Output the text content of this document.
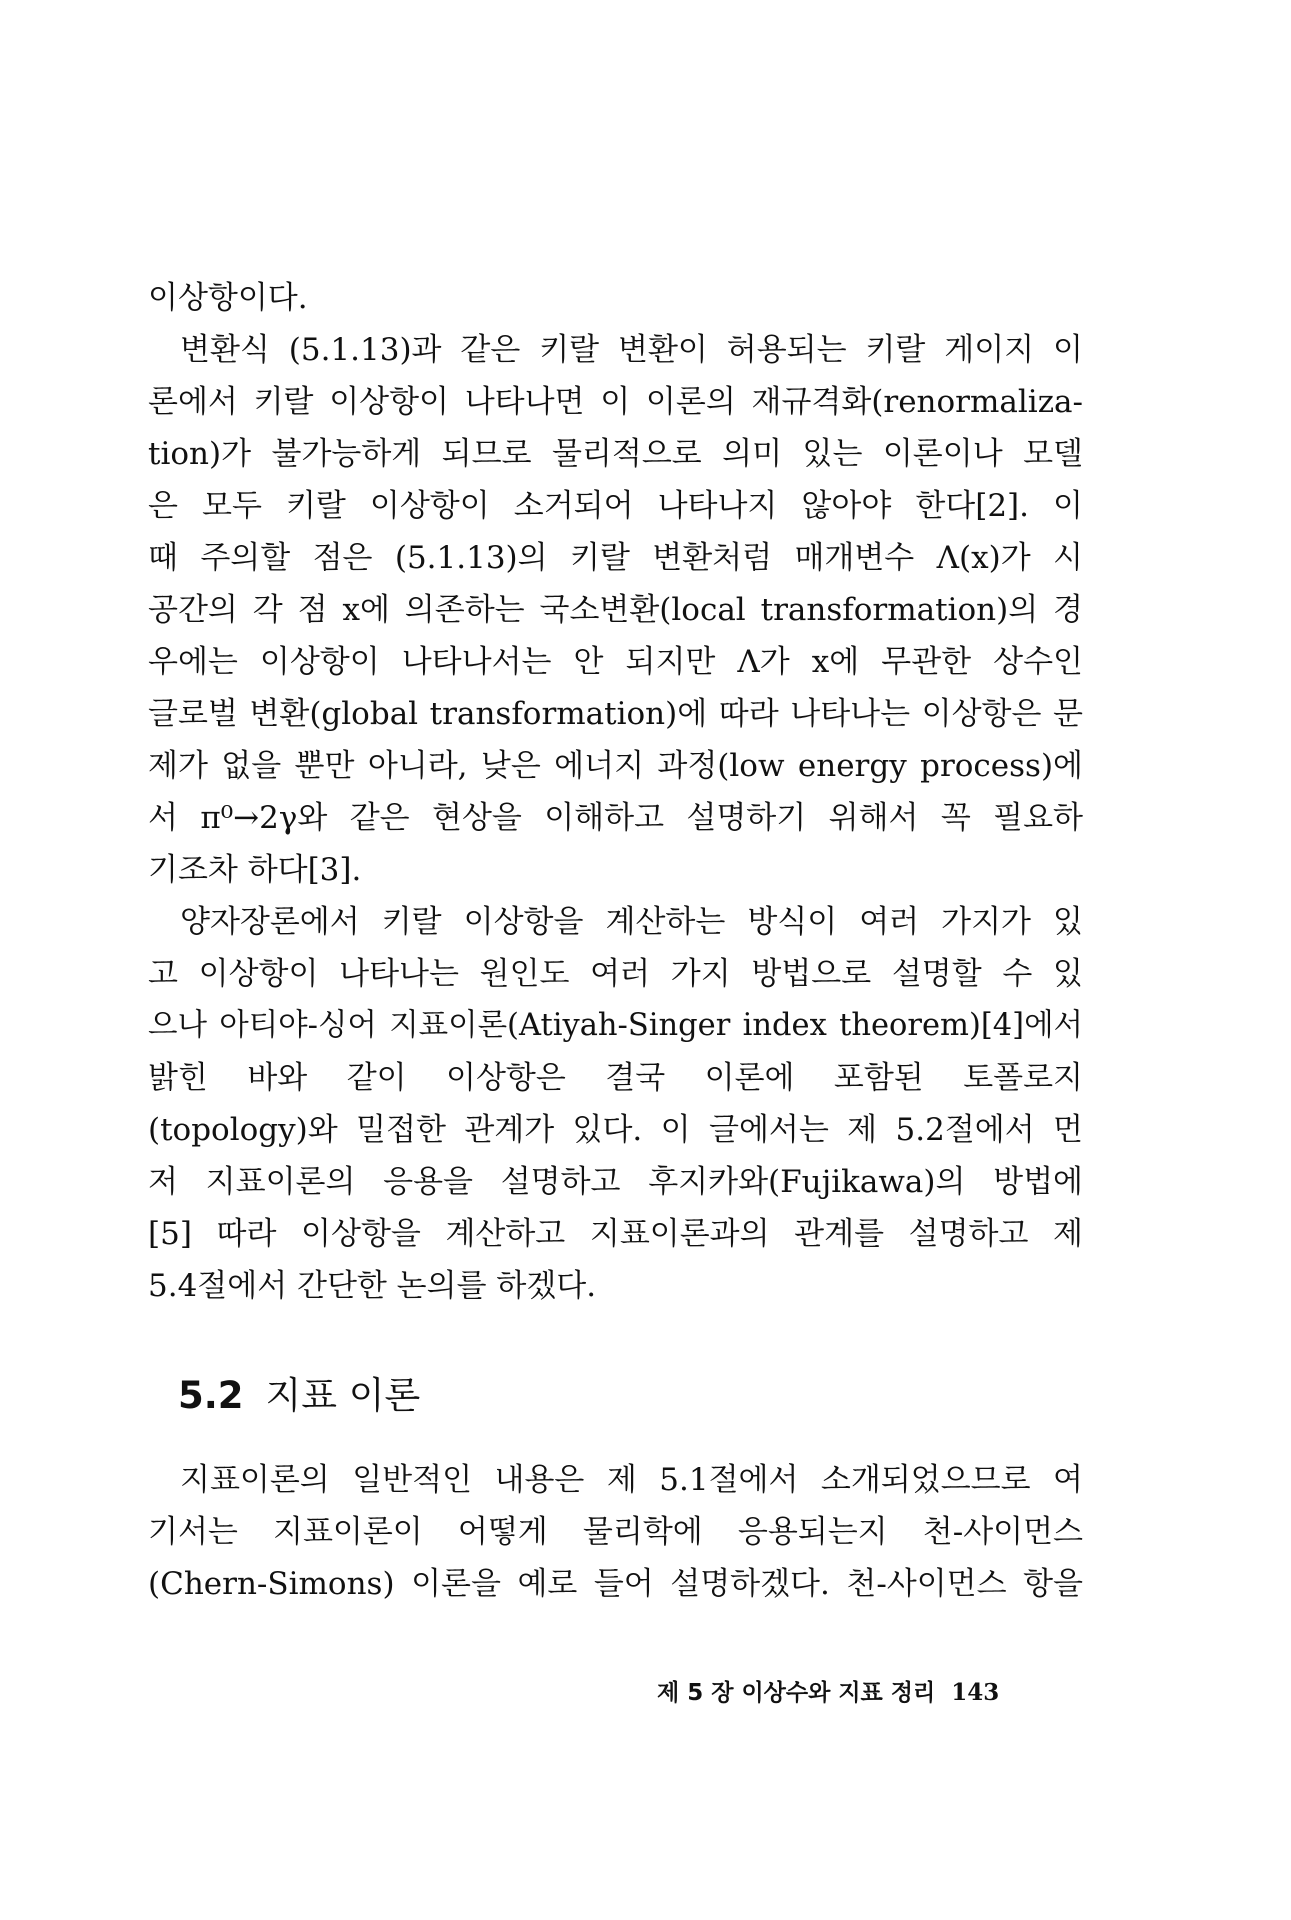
이상항이다.
변환식 (5.1.13)과 같은 키랄 변환이 허용되는 키랄 게이지 이
론에서 키랄 이상항이 나타나면 이 이론의 재규격화(renormaliza-
tion)가 불가능하게 되므로 물리적으로 의미 있는 이론이나 모델
은 모두 키랄 이상항이 소거되어 나타나지 않아야 한다[2]. 이
때 주의할 점은 (5.1.13)의 키랄 변환처럼 매개변수 Λ(x)가 시
공간의 각 점 x에 의존하는 국소변환(local transformation)의 경
우에는 이상항이 나타나서는 안 되지만 Λ가 x에 무관한 상수인
글로벌 변환(global transformation)에 따라 나타나는 이상항은 문
제가 없을 뿐만 아니라, 낮은 에너지 과정(low energy process)에
서 π⁰→2γ와 같은 현상을 이해하고 설명하기 위해서 꼭 필요하
기조차 하다[3].
양자장론에서 키랄 이상항을 계산하는 방식이 여러 가지가 있
고 이상항이 나타나는 원인도 여러 가지 방법으로 설명할 수 있
으나 아티야-싱어 지표이론(Atiyah-Singer index theorem)[4]에서
밝힌 바와 같이 이상항은 결국 이론에 포함된 토폴로지
(topology)와 밀접한 관계가 있다. 이 글에서는 제 5.2절에서 먼
저 지표이론의 응용을 설명하고 후지카와(Fujikawa)의 방법에
[5] 따라 이상항을 계산하고 지표이론과의 관계를 설명하고 제
5.4절에서 간단한 논의를 하겠다.
5.2 지표 이론
지표이론의 일반적인 내용은 제 5.1절에서 소개되었으므로 여
기서는 지표이론이 어떻게 물리학에 응용되는지 천-사이먼스
(Chern-Simons) 이론을 예로 들어 설명하겠다. 천-사이먼스 항을
제 5 장 이상수와 지표 정리 143
